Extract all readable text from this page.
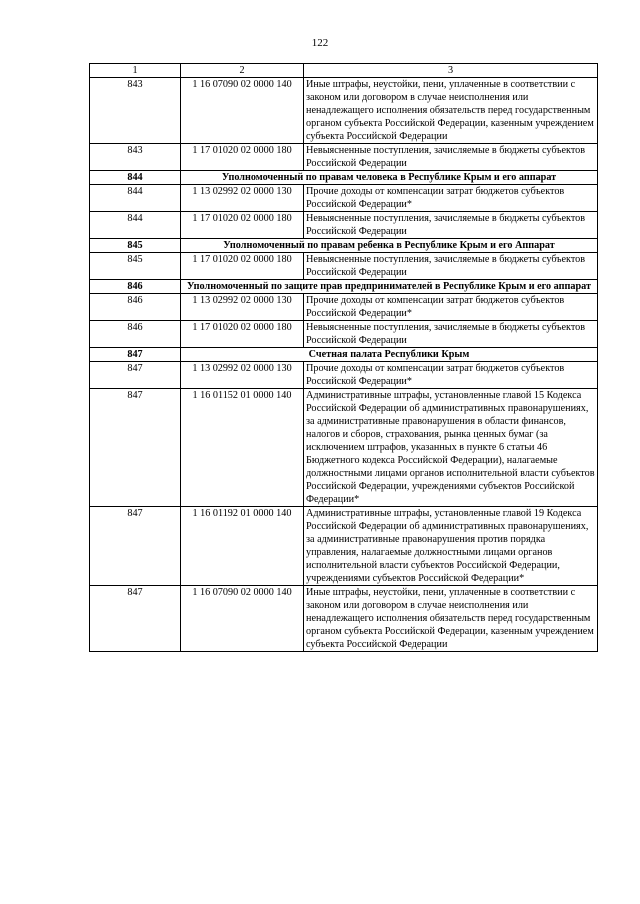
122
1	2	3
843	1 16 07090 02 0000 140	Иные штрафы, неустойки, пени, уплаченные в соответствии с законом или договором в случае неисполнения или ненадлежащего исполнения обязательств перед государственным органом субъекта Российской Федерации, казенным учреждением субъекта Российской Федерации
843	1 17 01020 02 0000 180	Невыясненные поступления, зачисляемые в бюджеты субъектов Российской Федерации
844	Уполномоченный по правам человека в Республике Крым и его аппарат	
844	1 13 02992 02 0000 130	Прочие доходы от компенсации затрат бюджетов субъектов Российской Федерации*
844	1 17 01020 02 0000 180	Невыясненные поступления, зачисляемые в бюджеты субъектов Российской Федерации
845	Уполномоченный по правам ребенка в Республике Крым и его Аппарат	
845	1 17 01020 02 0000 180	Невыясненные поступления, зачисляемые в бюджеты субъектов Российской Федерации
846	Уполномоченный по защите прав предпринимателей в Республике Крым и его аппарат	
846	1 13 02992 02 0000 130	Прочие доходы от компенсации затрат бюджетов субъектов Российской Федерации*
846	1 17 01020 02 0000 180	Невыясненные поступления, зачисляемые в бюджеты субъектов Российской Федерации
847	Счетная палата Республики Крым	
847	1 13 02992 02 0000 130	Прочие доходы от компенсации затрат бюджетов субъектов Российской Федерации*
847	1 16 01152 01 0000 140	Административные штрафы, установленные главой 15 Кодекса Российской Федерации об административных правонарушениях, за административные правонарушения в области финансов, налогов и сборов, страхования, рынка ценных бумаг (за исключением штрафов, указанных в пункте 6 статьи 46 Бюджетного кодекса Российской Федерации), налагаемые должностными лицами органов исполнительной власти субъектов Российской Федерации, учреждениями субъектов Российской Федерации*
847	1 16 01192 01 0000 140	Административные штрафы, установленные главой 19 Кодекса Российской Федерации об административных правонарушениях, за административные правонарушения против порядка управления, налагаемые должностными лицами органов исполнительной власти субъектов Российской Федерации, учреждениями субъектов Российской Федерации*
847	1 16 07090 02 0000 140	Иные штрафы, неустойки, пени, уплаченные в соответствии с законом или договором в случае неисполнения или ненадлежащего исполнения обязательств перед государственным органом субъекта Российской Федерации, казенным учреждением субъекта Российской Федерации
